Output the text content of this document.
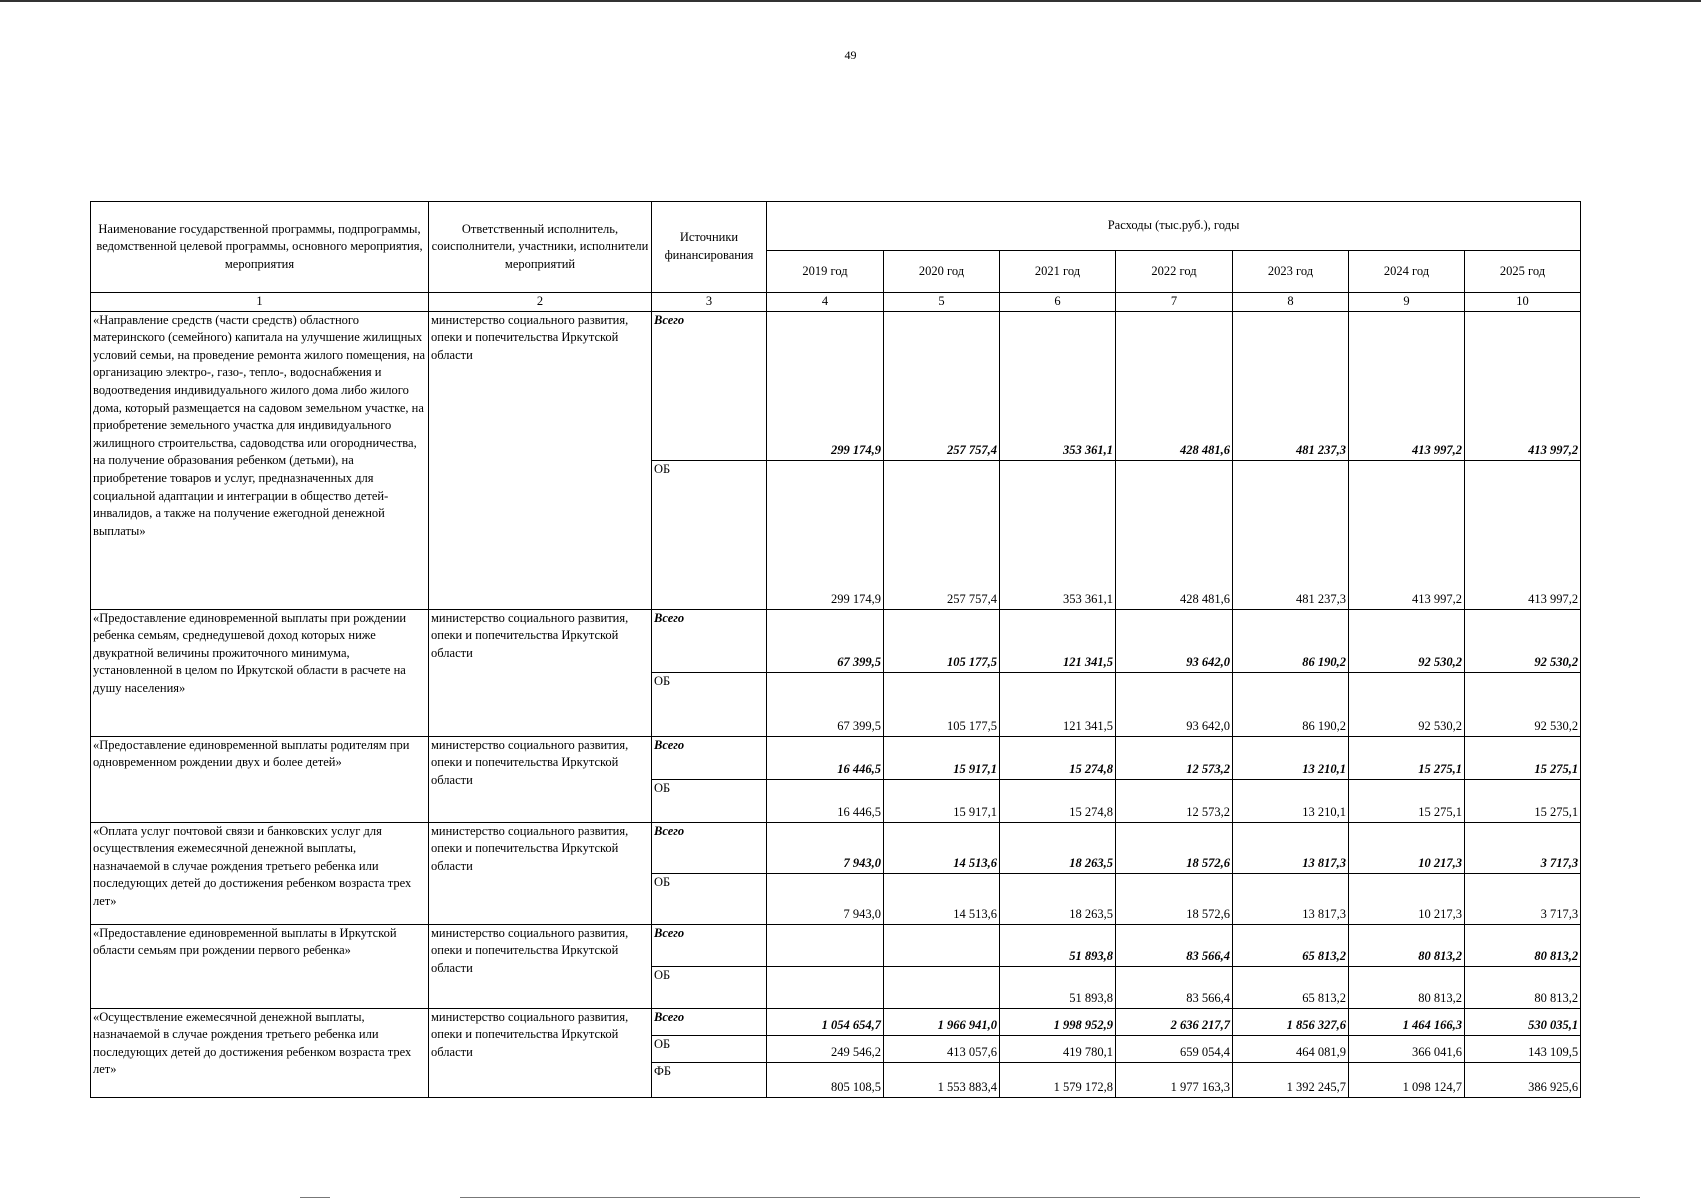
49
Наименование государственной программы, подпрограммы, ведомственной целевой программы, основного мероприятия, мероприятия	Ответственный исполнитель, соисполнители, участники, исполнители мероприятий	Источники финансирования	Расходы (тыс.руб.), годы						
			2019 год	2020 год	2021 год	2022 год	2023 год	2024 год	2025 год
1	2	3	4	5	6	7	8	9	10
«Направление средств (части средств) областного материнского (семейного) капитала на улучшение жилищных условий семьи, на проведение ремонта жилого помещения, на организацию электро-, газо-, тепло-, водоснабжения и водоотведения индивидуального жилого дома либо жилого дома, который размещается на садовом земельном участке, на приобретение земельного участка для индивидуального жилищного строительства, садоводства или огородничества, на получение образования ребенком (детьми), на приобретение товаров и услуг, предназначенных для социальной адаптации и интеграции в общество детей-инвалидов, а также на получение ежегодной денежной выплаты»	министерство социального развития, опеки и попечительства Иркутской области	Всего	299 174,9	257 757,4	353 361,1	428 481,6	481 237,3	413 997,2	413 997,2
		ОБ	299 174,9	257 757,4	353 361,1	428 481,6	481 237,3	413 997,2	413 997,2
«Предоставление единовременной выплаты при рождении ребенка семьям, среднедушевой доход которых ниже двукратной величины прожиточного минимума, установленной в целом по Иркутской области в расчете на душу населения»	министерство социального развития, опеки и попечительства Иркутской области	Всего	67 399,5	105 177,5	121 341,5	93 642,0	86 190,2	92 530,2	92 530,2
		ОБ	67 399,5	105 177,5	121 341,5	93 642,0	86 190,2	92 530,2	92 530,2
«Предоставление единовременной выплаты родителям при одновременном рождении двух и более детей»	министерство социального развития, опеки и попечительства Иркутской области	Всего	16 446,5	15 917,1	15 274,8	12 573,2	13 210,1	15 275,1	15 275,1
		ОБ	16 446,5	15 917,1	15 274,8	12 573,2	13 210,1	15 275,1	15 275,1
«Оплата услуг почтовой связи и банковских услуг для осуществления ежемесячной денежной выплаты, назначаемой в случае рождения третьего ребенка или последующих детей до достижения ребенком возраста трех лет»	министерство социального развития, опеки и попечительства Иркутской области	Всего	7 943,0	14 513,6	18 263,5	18 572,6	13 817,3	10 217,3	3 717,3
		ОБ	7 943,0	14 513,6	18 263,5	18 572,6	13 817,3	10 217,3	3 717,3
«Предоставление единовременной выплаты в Иркутской области семьям при рождении первого ребенка»	министерство социального развития, опеки и попечительства Иркутской области	Всего			51 893,8	83 566,4	65 813,2	80 813,2	80 813,2
		ОБ			51 893,8	83 566,4	65 813,2	80 813,2	80 813,2
«Осуществление ежемесячной денежной выплаты, назначаемой в случае рождения третьего ребенка или последующих детей до достижения ребенком возраста трех лет»	министерство социального развития, опеки и попечительства Иркутской области	Всего	1 054 654,7	1 966 941,0	1 998 952,9	2 636 217,7	1 856 327,6	1 464 166,3	530 035,1
		ОБ	249 546,2	413 057,6	419 780,1	659 054,4	464 081,9	366 041,6	143 109,5
		ФБ	805 108,5	1 553 883,4	1 579 172,8	1 977 163,3	1 392 245,7	1 098 124,7	386 925,6
